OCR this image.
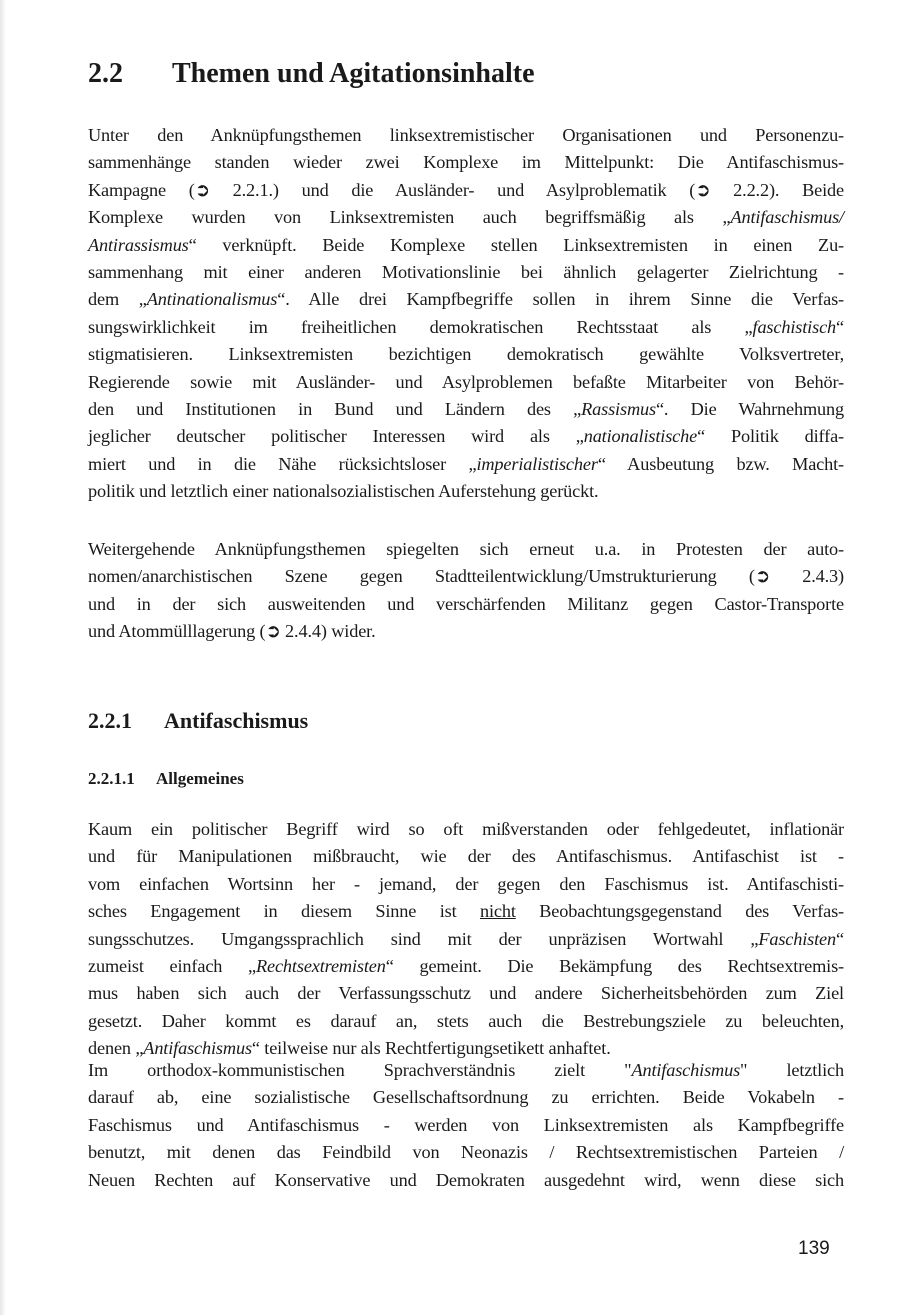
2.2 Themen und Agitationsinhalte
Unter den Anknüpfungsthemen linksextremistischer Organisationen und Personenzu-
sammenhänge standen wieder zwei Komplexe im Mittelpunkt: Die Antifaschismus-
Kampagne (➲ 2.2.1.) und die Ausländer- und Asylproblematik (➲ 2.2.2). Beide
Komplexe wurden von Linksextremisten auch begriffsmäßig als „Antifaschismus/
Antirassismus“ verknüpft. Beide Komplexe stellen Linksextremisten in einen Zu-
sammenhang mit einer anderen Motivationslinie bei ähnlich gelagerter Zielrichtung -
dem „Antinationalismus“. Alle drei Kampfbegriffe sollen in ihrem Sinne die Verfas-
sungswirklichkeit im freiheitlichen demokratischen Rechtsstaat als „faschistisch“
stigmatisieren. Linksextremisten bezichtigen demokratisch gewählte Volksvertreter,
Regierende sowie mit Ausländer- und Asylproblemen befaßte Mitarbeiter von Behör-
den und Institutionen in Bund und Ländern des „Rassismus“. Die Wahrnehmung
jeglicher deutscher politischer Interessen wird als „nationalistische“ Politik diffa-
miert und in die Nähe rücksichtsloser „imperialistischer“ Ausbeutung bzw. Macht-
politik und letztlich einer nationalsozialistischen Auferstehung gerückt.
Weitergehende Anknüpfungsthemen spiegelten sich erneut u.a. in Protesten der auto-
nomen/anarchistischen Szene gegen Stadtteilentwicklung/Umstrukturierung (➲ 2.4.3)
und in der sich ausweitenden und verschärfenden Militanz gegen Castor-Transporte
und Atommülllagerung (➲ 2.4.4) wider.
2.2.1 Antifaschismus
2.2.1.1 Allgemeines
Kaum ein politischer Begriff wird so oft mißverstanden oder fehlgedeutet, inflationär
und für Manipulationen mißbraucht, wie der des Antifaschismus. Antifaschist ist -
vom einfachen Wortsinn her - jemand, der gegen den Faschismus ist. Antifaschisti-
sches Engagement in diesem Sinne ist nicht Beobachtungsgegenstand des Verfas-
sungsschutzes. Umgangssprachlich sind mit der unpräzisen Wortwahl „Faschisten“
zumeist einfach „Rechtsextremisten“ gemeint. Die Bekämpfung des Rechtsextremis-
mus haben sich auch der Verfassungsschutz und andere Sicherheitsbehörden zum Ziel
gesetzt. Daher kommt es darauf an, stets auch die Bestrebungsziele zu beleuchten,
denen „Antifaschismus“ teilweise nur als Rechtfertigungsetikett anhaftet.
Im orthodox-kommunistischen Sprachverständnis zielt "Antifaschismus" letztlich
darauf ab, eine sozialistische Gesellschaftsordnung zu errichten. Beide Vokabeln -
Faschismus und Antifaschismus - werden von Linksextremisten als Kampfbegriffe
benutzt, mit denen das Feindbild von Neonazis / Rechtsextremistischen Parteien /
Neuen Rechten auf Konservative und Demokraten ausgedehnt wird, wenn diese sich
139
